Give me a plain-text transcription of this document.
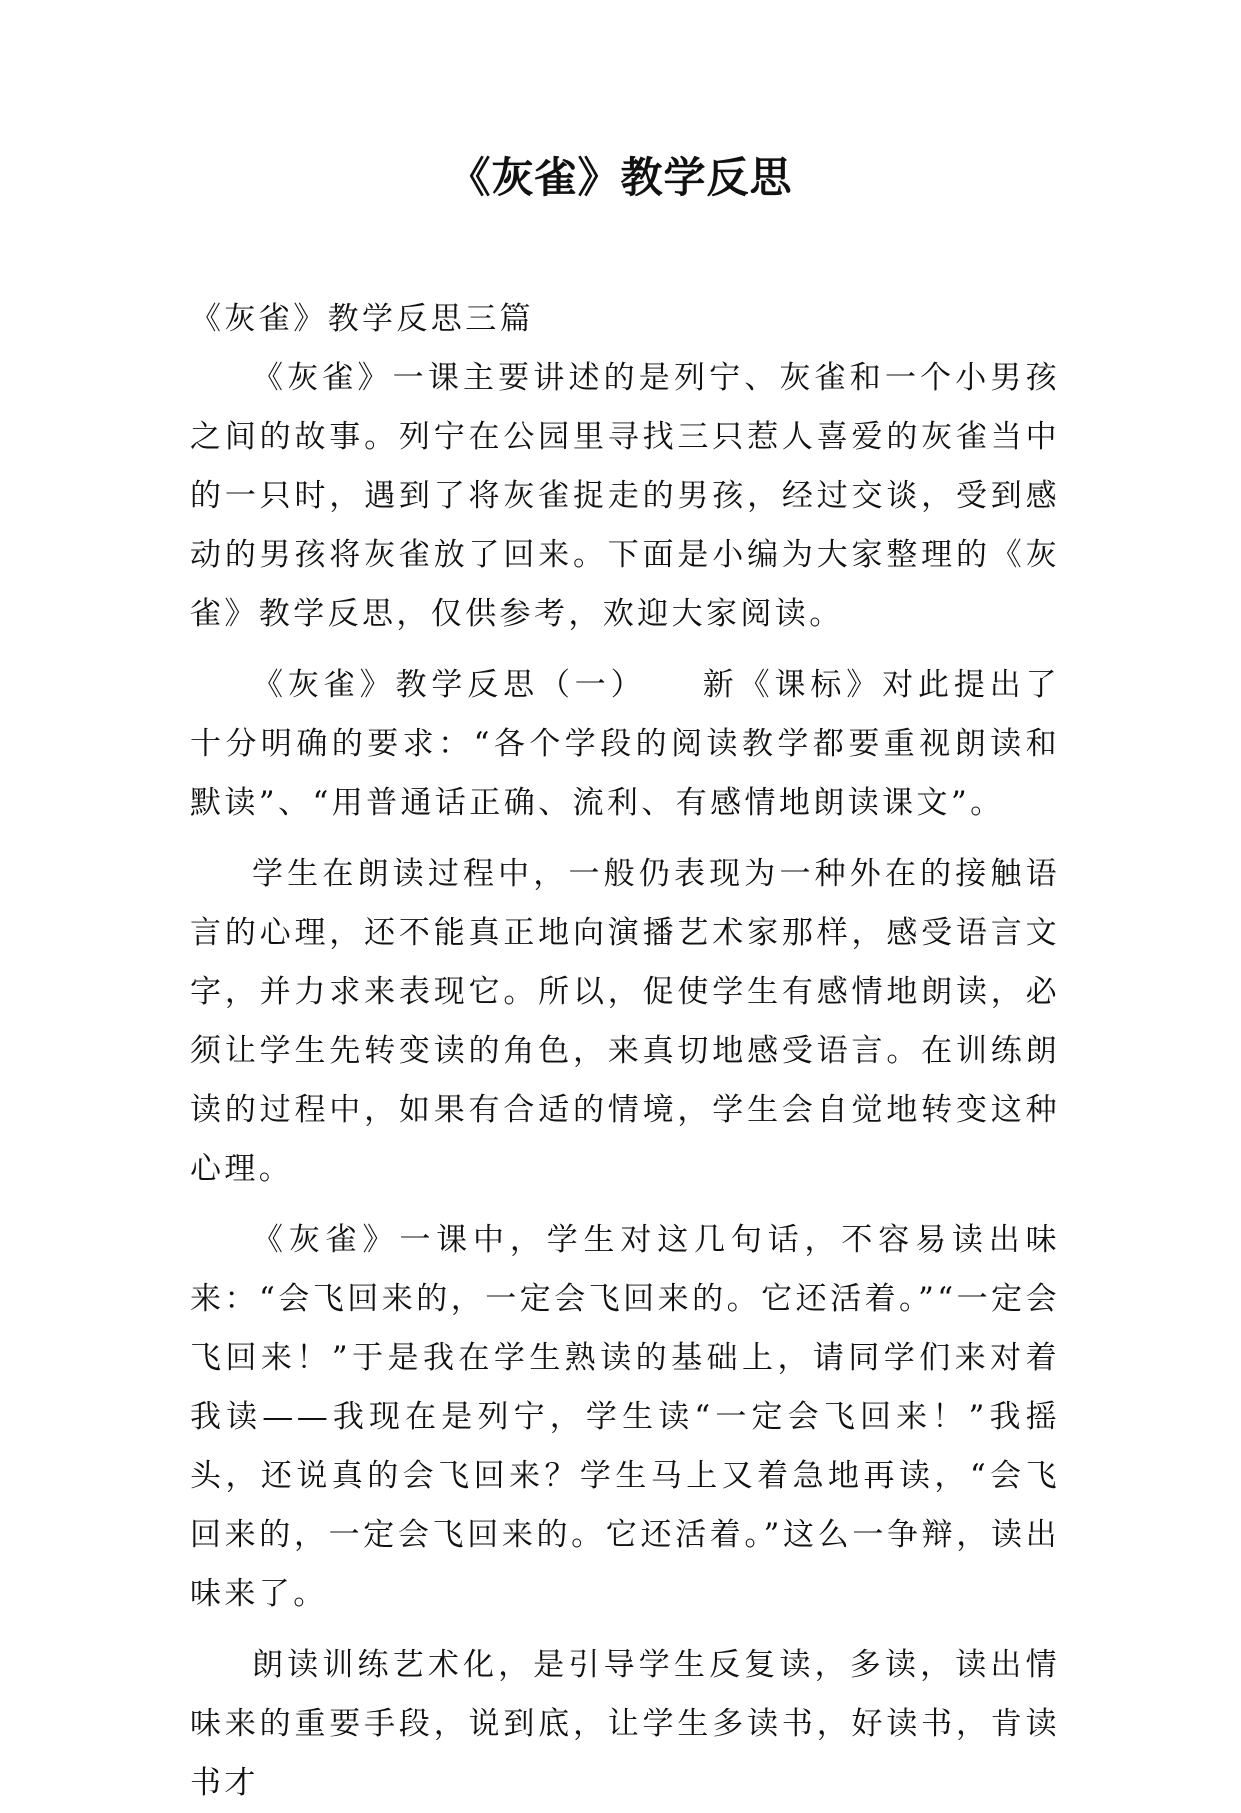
《灰雀》教学反思

《灰雀》教学反思三篇

《灰雀》一课主要讲述的是列宁、灰雀和一个小男孩之间的故事。列宁在公园里寻找三只惹人喜爱的灰雀当中的一只时，遇到了将灰雀捉走的男孩，经过交谈，受到感动的男孩将灰雀放了回来。下面是小编为大家整理的《灰雀》教学反思，仅供参考，欢迎大家阅读。

《灰雀》教学反思（一）　　新《课标》对此提出了十分明确的要求：“各个学段的阅读教学都要重视朗读和默读”、“用普通话正确、流利、有感情地朗读课文”。

学生在朗读过程中，一般仍表现为一种外在的接触语言的心理，还不能真正地向演播艺术家那样，感受语言文字，并力求来表现它。所以，促使学生有感情地朗读，必须让学生先转变读的角色，来真切地感受语言。在训练朗读的过程中，如果有合适的情境，学生会自觉地转变这种心理。

《灰雀》一课中，学生对这几句话，不容易读出味来：“会飞回来的，一定会飞回来的。它还活着。”“一定会飞回来！”于是我在学生熟读的基础上，请同学们来对着我读——我现在是列宁，学生读“一定会飞回来！”我摇头，还说真的会飞回来？学生马上又着急地再读，“会飞回来的，一定会飞回来的。它还活着。”这么一争辩，读出味来了。

朗读训练艺术化，是引导学生反复读，多读，读出情味来的重要手段，说到底，让学生多读书，好读书，肯读书才
